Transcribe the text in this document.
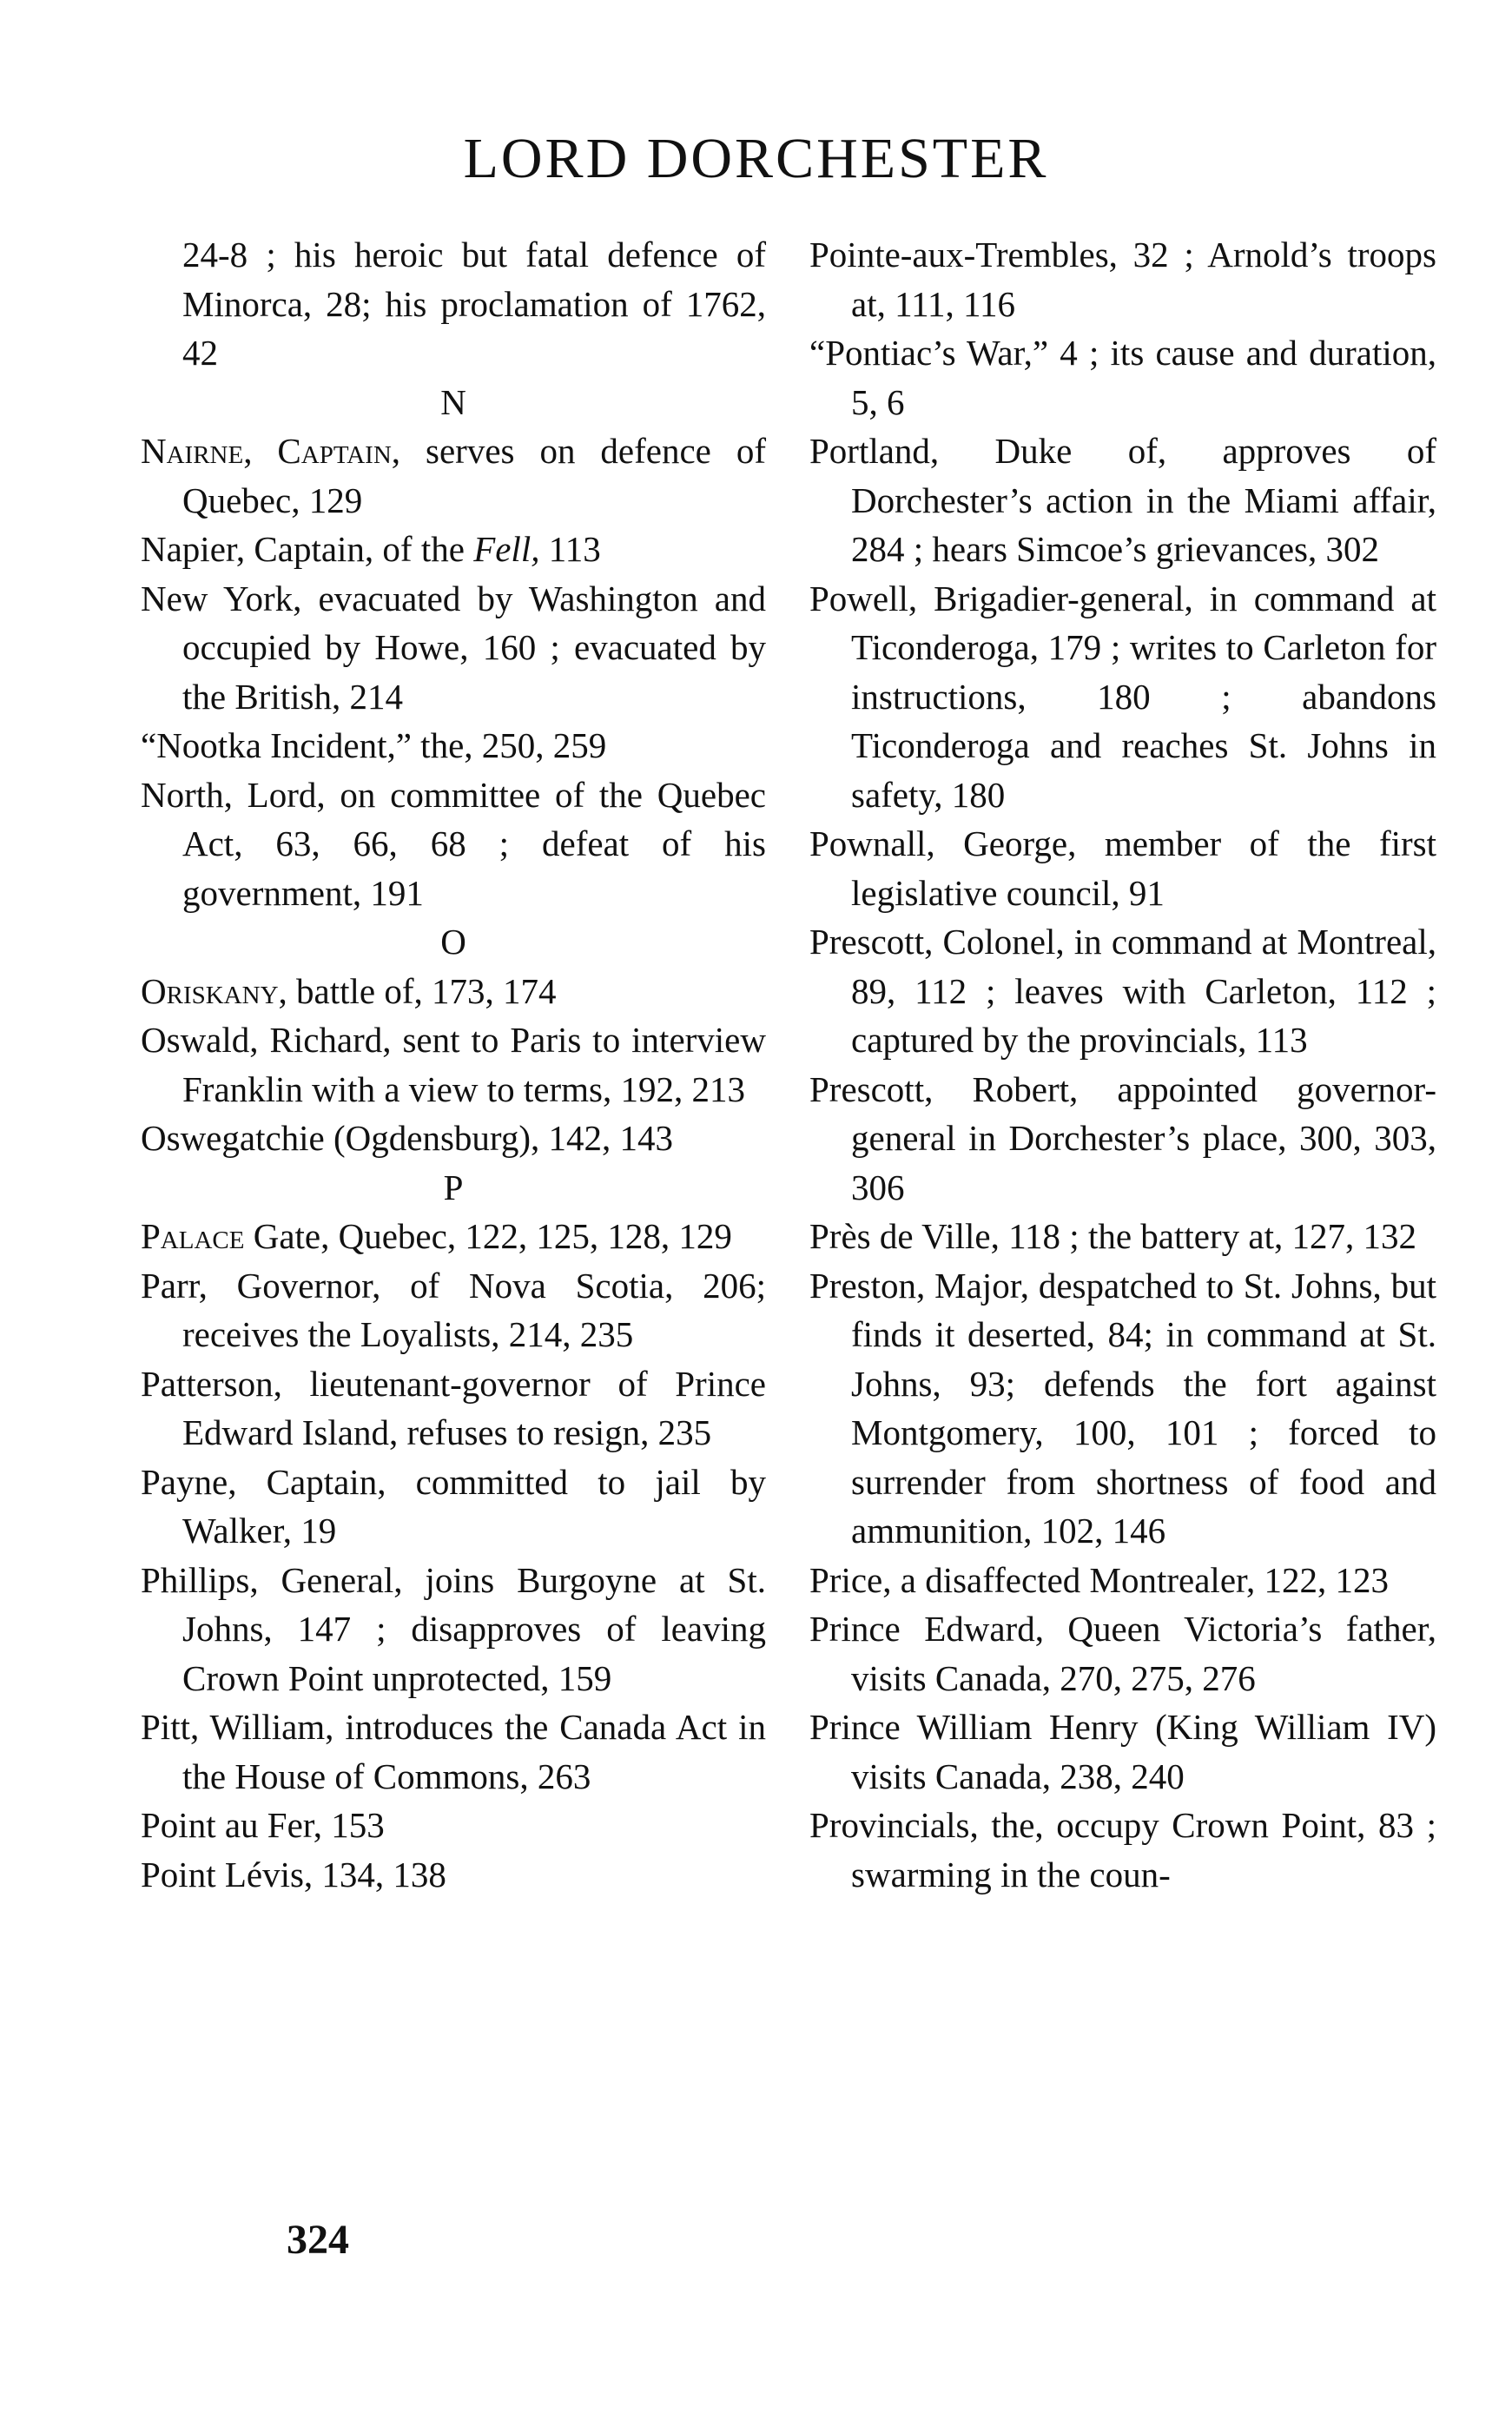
LORD DORCHESTER
24-8 ; his heroic but fatal defence of Minorca, 28; his proclamation of 1762, 42
N
Nairne, Captain, serves on defence of Quebec, 129
Napier, Captain, of the Fell, 113
New York, evacuated by Washington and occupied by Howe, 160 ; evacuated by the British, 214
“Nootka Incident,” the, 250, 259
North, Lord, on committee of the Quebec Act, 63, 66, 68 ; defeat of his government, 191
O
Oriskany, battle of, 173, 174
Oswald, Richard, sent to Paris to interview Franklin with a view to terms, 192, 213
Oswegatchie (Ogdensburg), 142, 143
P
Palace Gate, Quebec, 122, 125, 128, 129
Parr, Governor, of Nova Scotia, 206; receives the Loyalists, 214, 235
Patterson, lieutenant-governor of Prince Edward Island, refuses to resign, 235
Payne, Captain, committed to jail by Walker, 19
Phillips, General, joins Burgoyne at St. Johns, 147 ; disapproves of leaving Crown Point unprotected, 159
Pitt, William, introduces the Canada Act in the House of Commons, 263
Point au Fer, 153
Point Lévis, 134, 138
Pointe-aux-Trembles, 32 ; Arnold’s troops at, 111, 116
“Pontiac’s War,” 4 ; its cause and duration, 5, 6
Portland, Duke of, approves of Dorchester’s action in the Miami affair, 284 ; hears Simcoe’s grievances, 302
Powell, Brigadier-general, in command at Ticonderoga, 179 ; writes to Carleton for instructions, 180 ; abandons Ticonderoga and reaches St. Johns in safety, 180
Pownall, George, member of the first legislative council, 91
Prescott, Colonel, in command at Montreal, 89, 112 ; leaves with Carleton, 112 ; captured by the provincials, 113
Prescott, Robert, appointed governor-general in Dorchester’s place, 300, 303, 306
Près de Ville, 118 ; the battery at, 127, 132
Preston, Major, despatched to St. Johns, but finds it deserted, 84; in command at St. Johns, 93; defends the fort against Montgomery, 100, 101 ; forced to surrender from shortness of food and ammunition, 102, 146
Price, a disaffected Montrealer, 122, 123
Prince Edward, Queen Victoria’s father, visits Canada, 270, 275, 276
Prince William Henry (King William IV) visits Canada, 238, 240
Provincials, the, occupy Crown Point, 83 ; swarming in the coun-
324
